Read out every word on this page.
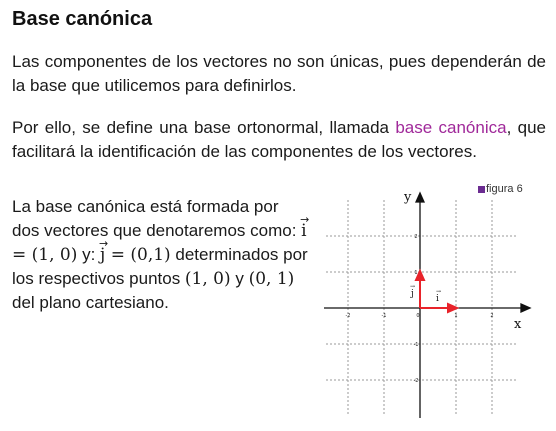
Base canónica
Las componentes de los vectores no son únicas, pues dependerán de la base que utilicemos para definirlos.
Por ello, se define una base ortonormal, llamada base canónica, que facilitará la identificación de las componentes de los vectores.
La base canónica está formada por dos vectores que denotaremos como: → i = (1, 0) y: → j = (0,1) determinados por los respectivos puntos (1, 0) y (0, 1) del plano cartesiano.
figura 6
x
y
-2	-1	0	1	2
2
1
-1
-2
i
→
j
→
